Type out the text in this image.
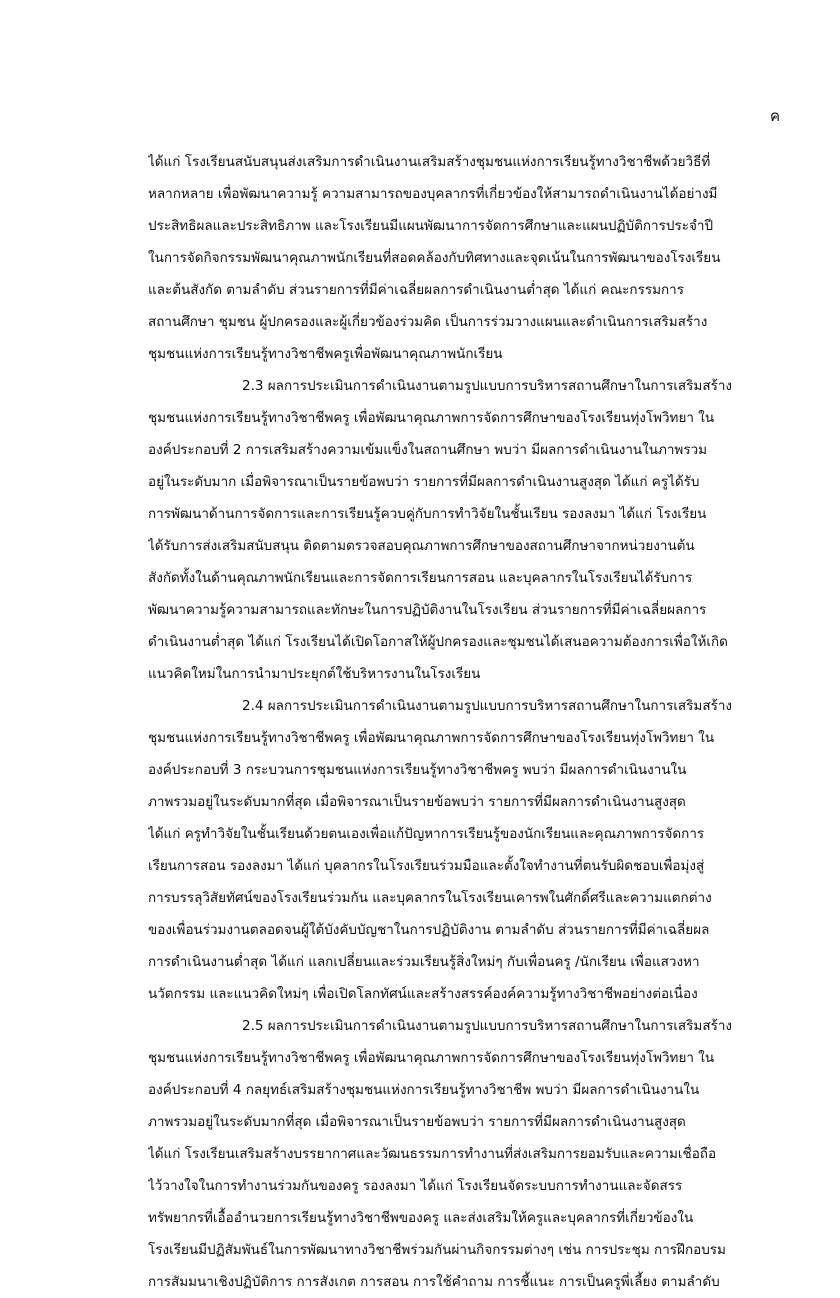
ค
ได้แก่ โรงเรียนสนับสนุนส่งเสริมการดำเนินงานเสริมสร้างชุมชนแห่งการเรียนรู้ทางวิชาชีพด้วยวิธีที่
หลากหลาย เพื่อพัฒนาความรู้ ความสามารถของบุคลากรที่เกี่ยวข้องให้สามารถดำเนินงานได้อย่างมี
ประสิทธิผลและประสิทธิภาพ และโรงเรียนมีแผนพัฒนาการจัดการศึกษาและแผนปฏิบัติการประจำปี
ในการจัดกิจกรรมพัฒนาคุณภาพนักเรียนที่สอดคล้องกับทิศทางและจุดเน้นในการพัฒนาของโรงเรียน
และต้นสังกัด ตามลำดับ ส่วนรายการที่มีค่าเฉลี่ยผลการดำเนินงานต่ำสุด ได้แก่ คณะกรรมการ
สถานศึกษา ชุมชน ผู้ปกครองและผู้เกี่ยวข้องร่วมคิด เป็นการร่วมวางแผนและดำเนินการเสริมสร้าง
ชุมชนแห่งการเรียนรู้ทางวิชาชีพครูเพื่อพัฒนาคุณภาพนักเรียน
2.3 ผลการประเมินการดำเนินงานตามรูปแบบการบริหารสถานศึกษาในการเสริมสร้าง
ชุมชนแห่งการเรียนรู้ทางวิชาชีพครู เพื่อพัฒนาคุณภาพการจัดการศึกษาของโรงเรียนทุ่งโพวิทยา ใน
องค์ประกอบที่ 2 การเสริมสร้างความเข้มแข็งในสถานศึกษา พบว่า มีผลการดำเนินงานในภาพรวม
อยู่ในระดับมาก เมื่อพิจารณาเป็นรายข้อพบว่า รายการที่มีผลการดำเนินงานสูงสุด ได้แก่ ครูได้รับ
การพัฒนาด้านการจัดการและการเรียนรู้ควบคู่กับการทำวิจัยในชั้นเรียน รองลงมา ได้แก่ โรงเรียน
ได้รับการส่งเสริมสนับสนุน ติดตามตรวจสอบคุณภาพการศึกษาของสถานศึกษาจากหน่วยงานต้น
สังกัดทั้งในด้านคุณภาพนักเรียนและการจัดการเรียนการสอน และบุคลากรในโรงเรียนได้รับการ
พัฒนาความรู้ความสามารถและทักษะในการปฏิบัติงานในโรงเรียน ส่วนรายการที่มีค่าเฉลี่ยผลการ
ดำเนินงานต่ำสุด ได้แก่ โรงเรียนได้เปิดโอกาสให้ผู้ปกครองและชุมชนได้เสนอความต้องการเพื่อให้เกิด
แนวคิดใหม่ในการนำมาประยุกต์ใช้บริหารงานในโรงเรียน
2.4 ผลการประเมินการดำเนินงานตามรูปแบบการบริหารสถานศึกษาในการเสริมสร้าง
ชุมชนแห่งการเรียนรู้ทางวิชาชีพครู เพื่อพัฒนาคุณภาพการจัดการศึกษาของโรงเรียนทุ่งโพวิทยา ใน
องค์ประกอบที่ 3 กระบวนการชุมชนแห่งการเรียนรู้ทางวิชาชีพครู พบว่า มีผลการดำเนินงานใน
ภาพรวมอยู่ในระดับมากที่สุด เมื่อพิจารณาเป็นรายข้อพบว่า รายการที่มีผลการดำเนินงานสูงสุด
ได้แก่ ครูทำวิจัยในชั้นเรียนด้วยตนเองเพื่อแก้ปัญหาการเรียนรู้ของนักเรียนและคุณภาพการจัดการ
เรียนการสอน รองลงมา ได้แก่ บุคลากรในโรงเรียนร่วมมือและตั้งใจทำงานที่ตนรับผิดชอบเพื่อมุ่งสู่
การบรรลุวิสัยทัศน์ของโรงเรียนร่วมกัน และบุคลากรในโรงเรียนเคารพในศักดิ์ศรีและความแตกต่าง
ของเพื่อนร่วมงานตลอดจนผู้ใต้บังคับบัญชาในการปฏิบัติงาน ตามลำดับ ส่วนรายการที่มีค่าเฉลี่ยผล
การดำเนินงานต่ำสุด ได้แก่ แลกเปลี่ยนและร่วมเรียนรู้สิ่งใหม่ๆ กับเพื่อนครู /นักเรียน เพื่อแสวงหา
นวัตกรรม และแนวคิดใหม่ๆ เพื่อเปิดโลกทัศน์และสร้างสรรค์องค์ความรู้ทางวิชาชีพอย่างต่อเนื่อง
2.5 ผลการประเมินการดำเนินงานตามรูปแบบการบริหารสถานศึกษาในการเสริมสร้าง
ชุมชนแห่งการเรียนรู้ทางวิชาชีพครู เพื่อพัฒนาคุณภาพการจัดการศึกษาของโรงเรียนทุ่งโพวิทยา ใน
องค์ประกอบที่ 4 กลยุทธ์เสริมสร้างชุมชนแห่งการเรียนรู้ทางวิชาชีพ พบว่า มีผลการดำเนินงานใน
ภาพรวมอยู่ในระดับมากที่สุด เมื่อพิจารณาเป็นรายข้อพบว่า รายการที่มีผลการดำเนินงานสูงสุด
ได้แก่ โรงเรียนเสริมสร้างบรรยากาศและวัฒนธรรมการทำงานที่ส่งเสริมการยอมรับและความเชื่อถือ
ไว้วางใจในการทำงานร่วมกันของครู รองลงมา ได้แก่ โรงเรียนจัดระบบการทำงานและจัดสรร
ทรัพยากรที่เอื้ออำนวยการเรียนรู้ทางวิชาชีพของครู และส่งเสริมให้ครูและบุคลากรที่เกี่ยวข้องใน
โรงเรียนมีปฏิสัมพันธ์ในการพัฒนาทางวิชาชีพร่วมกันผ่านกิจกรรมต่างๆ เช่น การประชุม การฝึกอบรม
การสัมมนาเชิงปฏิบัติการ การสังเกต การสอน การใช้คำถาม การชี้แนะ การเป็นครูพี่เลี้ยง ตามลำดับ
